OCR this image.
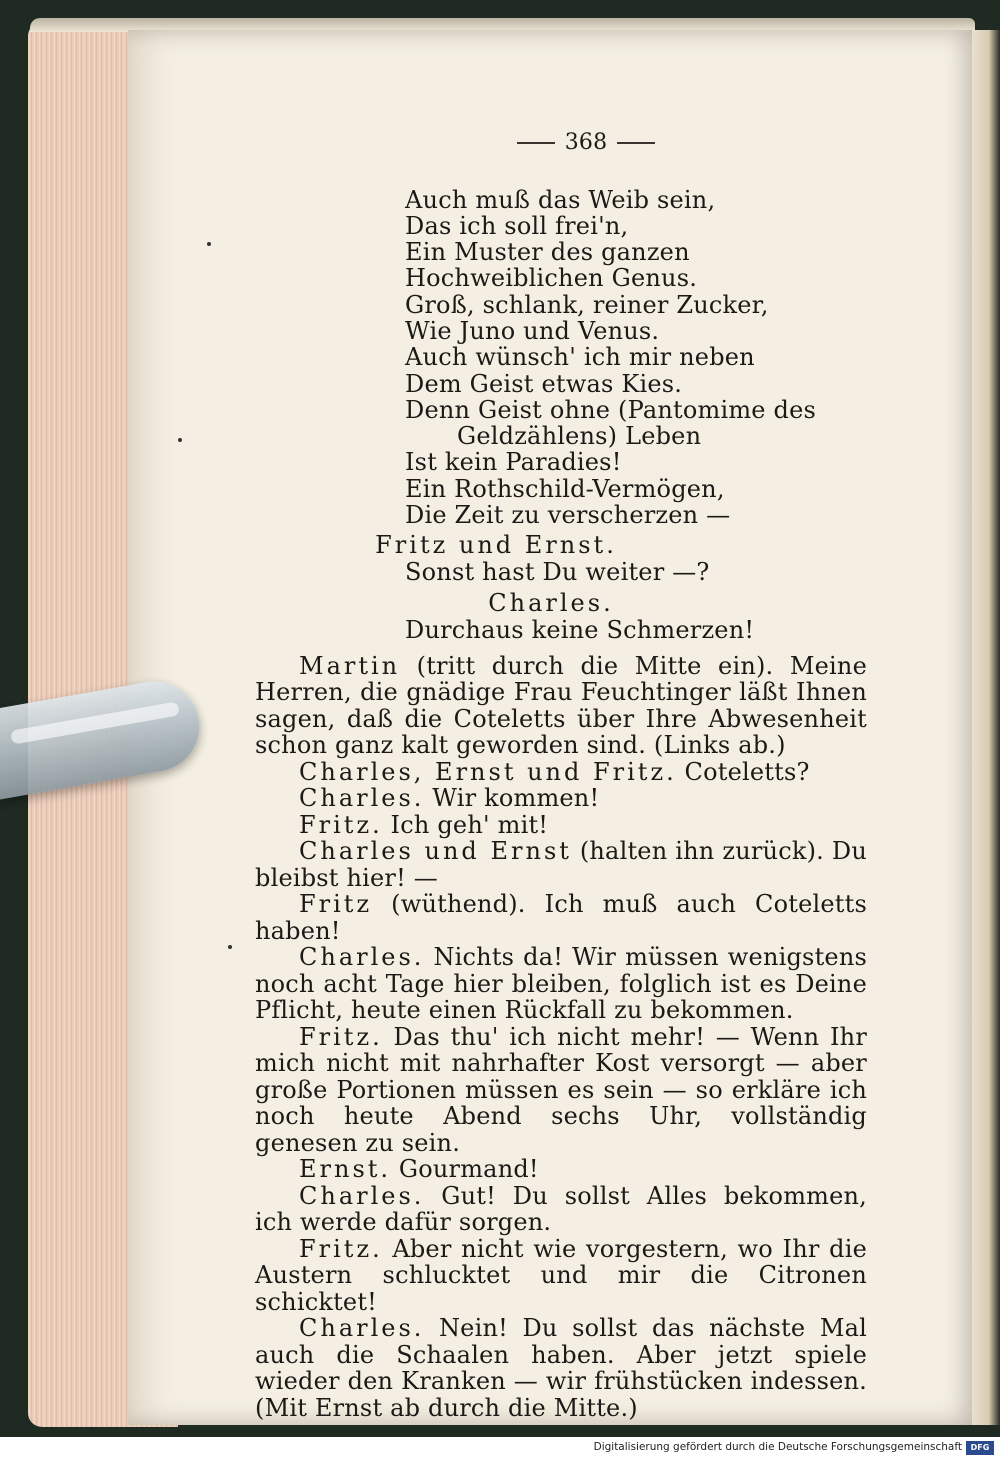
368
Auch muß das Weib sein,
Das ich soll frei'n,
Ein Muster des ganzen
Hochweiblichen Genus.
Groß, schlank, reiner Zucker,
Wie Juno und Venus.
Auch wünsch' ich mir neben
Dem Geist etwas Kies.
Denn Geist ohne (Pantomime des
Geldzählens) Leben
Ist kein Paradies!
Ein Rothschild-Vermögen,
Die Zeit zu verscherzen —
Fritz und Ernst.
Sonst hast Du weiter —?
Charles.
Durchaus keine Schmerzen!

Martin (tritt durch die Mitte ein). Meine Herren, die gnädige Frau Feuchtinger läßt Ihnen sagen, daß die Coteletts über Ihre Abwesenheit schon ganz kalt geworden sind. (Links ab.)

Charles, Ernst und Fritz. Coteletts?

Charles. Wir kommen!

Fritz. Ich geh' mit!

Charles und Ernst (halten ihn zurück). Du bleibst hier! —

Fritz (wüthend). Ich muß auch Coteletts haben!

Charles. Nichts da! Wir müssen wenigstens noch acht Tage hier bleiben, folglich ist es Deine Pflicht, heute einen Rückfall zu bekommen.

Fritz. Das thu' ich nicht mehr! — Wenn Ihr mich nicht mit nahrhafter Kost versorgt — aber große Portionen müssen es sein — so erkläre ich noch heute Abend sechs Uhr, vollständig genesen zu sein.

Ernst. Gourmand!

Charles. Gut! Du sollst Alles bekommen, ich werde dafür sorgen.

Fritz. Aber nicht wie vorgestern, wo Ihr die Austern schlucktet und mir die Citronen schicktet!

Charles. Nein! Du sollst das nächste Mal auch die Schaalen haben. Aber jetzt spiele wieder den Kranken — wir frühstücken indessen. (Mit Ernst ab durch die Mitte.)

Digitalisierung gefördert durch die Deutsche Forschungsgemeinschaft	DFG
